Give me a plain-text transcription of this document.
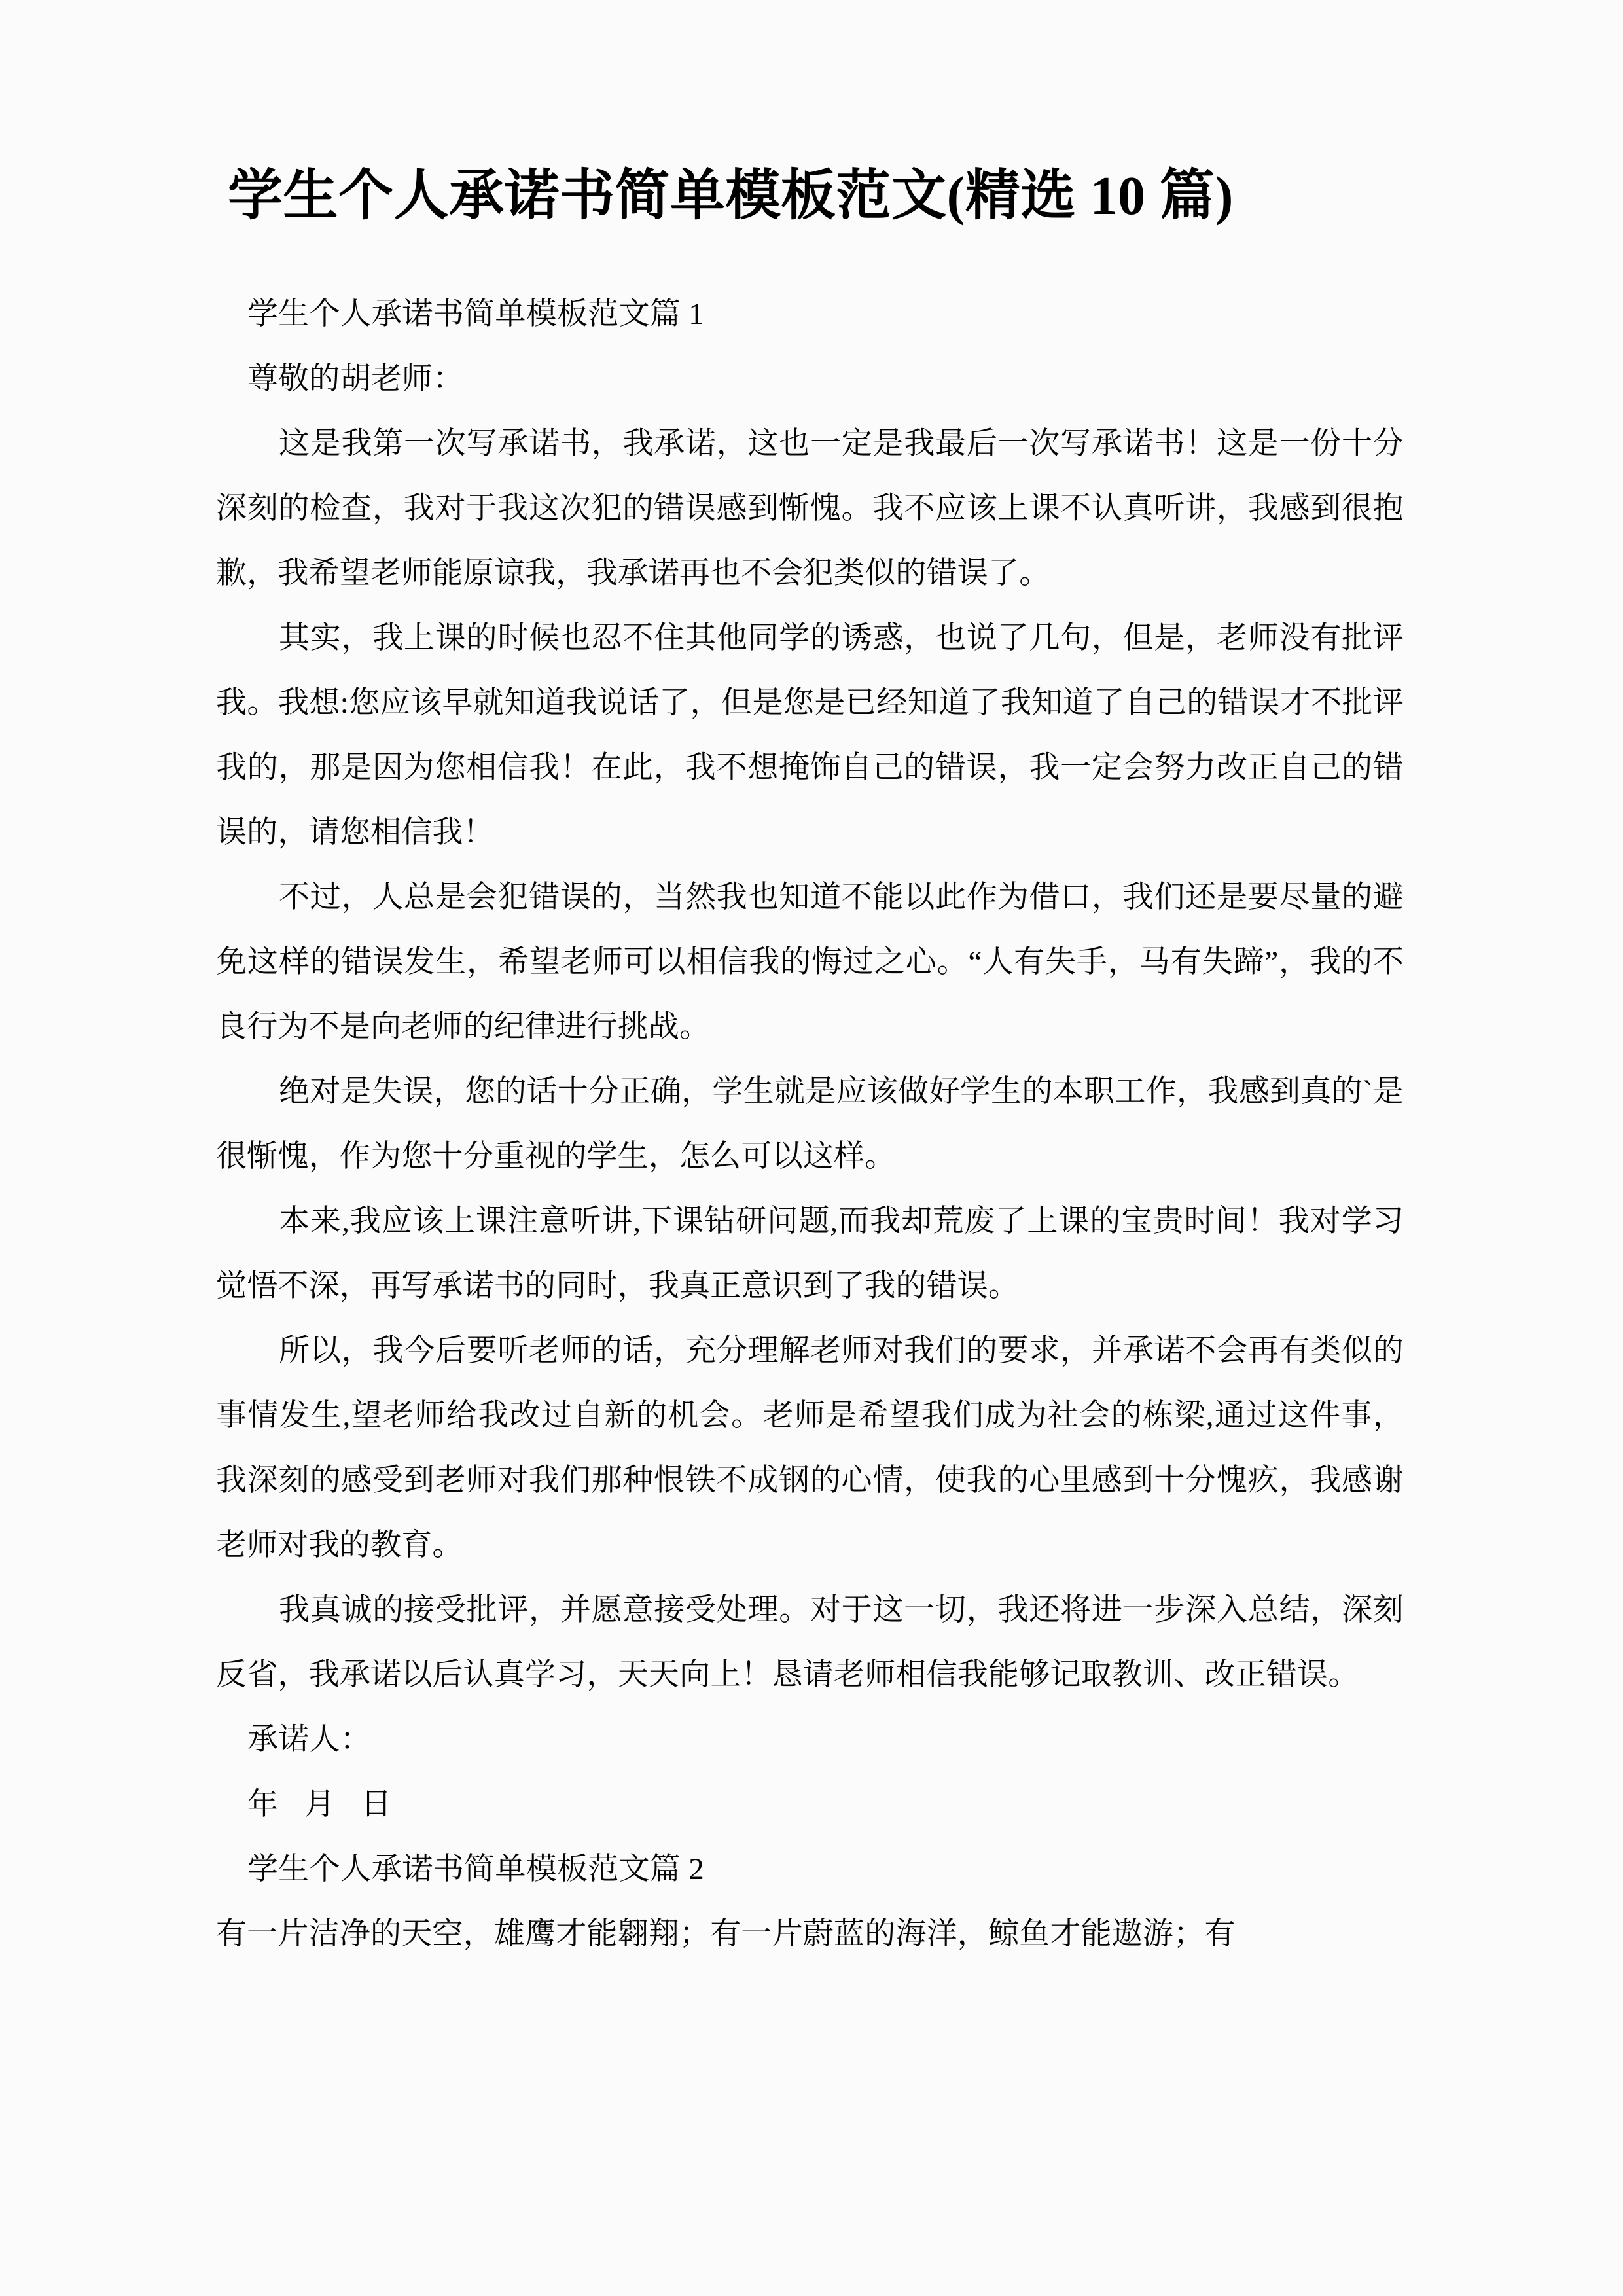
学生个人承诺书简单模板范文(精选 10 篇)

学生个人承诺书简单模板范文篇 1

尊敬的胡老师：

这是我第一次写承诺书，我承诺，这也一定是我最后一次写承诺书！这是一份十分深刻的检查，我对于我这次犯的错误感到惭愧。我不应该上课不认真听讲，我感到很抱歉，我希望老师能原谅我，我承诺再也不会犯类似的错误了。

其实，我上课的时候也忍不住其他同学的诱惑，也说了几句，但是，老师没有批评我。我想:您应该早就知道我说话了，但是您是已经知道了我知道了自己的错误才不批评我的，那是因为您相信我！在此，我不想掩饰自己的错误，我一定会努力改正自己的错误的，请您相信我！

不过，人总是会犯错误的，当然我也知道不能以此作为借口，我们还是要尽量的避免这样的错误发生，希望老师可以相信我的悔过之心。“人有失手，马有失蹄”，我的不良行为不是向老师的纪律进行挑战。

绝对是失误，您的话十分正确，学生就是应该做好学生的本职工作，我感到真的`是很惭愧，作为您十分重视的学生，怎么可以这样。

本来,我应该上课注意听讲,下课钻研问题,而我却荒废了上课的宝贵时间！我对学习觉悟不深，再写承诺书的同时，我真正意识到了我的错误。

所以，我今后要听老师的话，充分理解老师对我们的要求，并承诺不会再有类似的事情发生,望老师给我改过自新的机会。老师是希望我们成为社会的栋梁,通过这件事，我深刻的感受到老师对我们那种恨铁不成钢的心情，使我的心里感到十分愧疚，我感谢老师对我的教育。

我真诚的接受批评，并愿意接受处理。对于这一切，我还将进一步深入总结，深刻反省，我承诺以后认真学习，天天向上！恳请老师相信我能够记取教训、改正错误。

承诺人：

年 月 日

学生个人承诺书简单模板范文篇 2

有一片洁净的天空，雄鹰才能翱翔；有一片蔚蓝的海洋，鲸鱼才能遨游；有
